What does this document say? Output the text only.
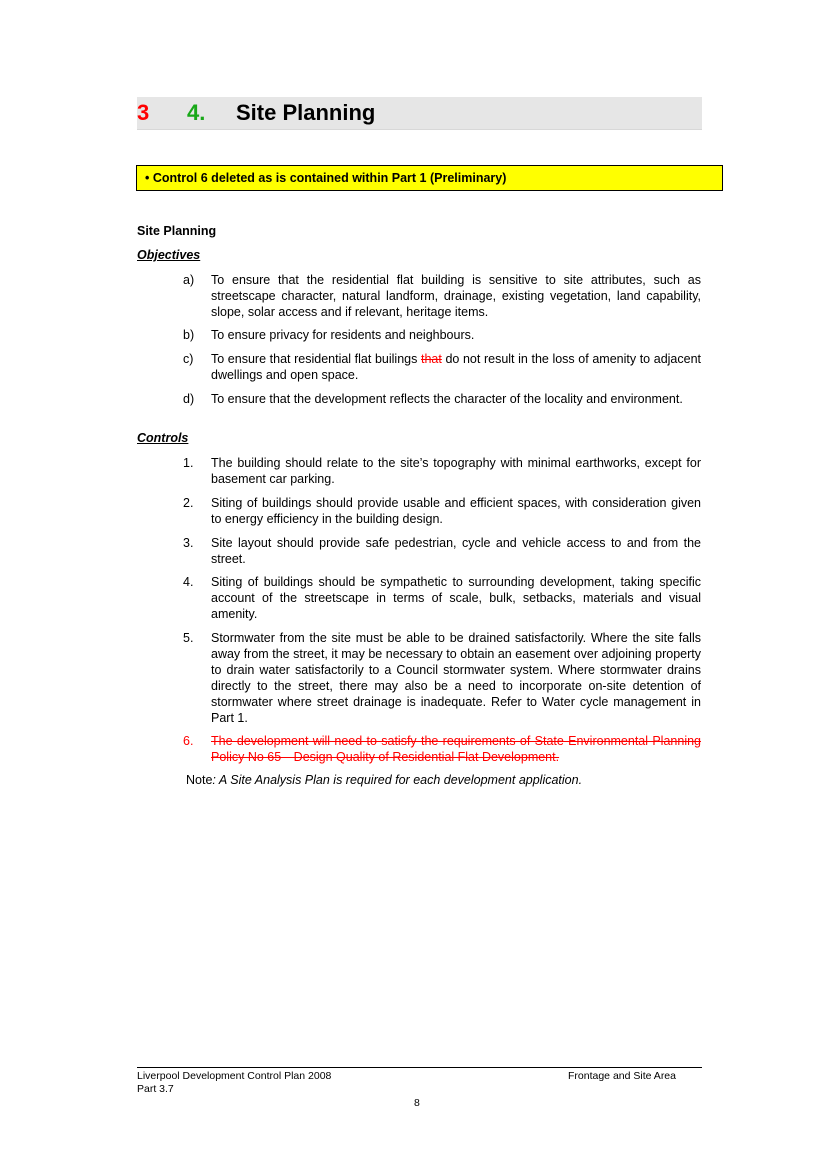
3 4. Site Planning
• Control 6 deleted as is contained within Part 1 (Preliminary)
Site Planning
Objectives
a)	To ensure that the residential flat building is sensitive to site attributes, such as streetscape character, natural landform, drainage, existing vegetation, land capability, slope, solar access and if relevant, heritage items.
b)	To ensure privacy for residents and neighbours.
c)	To ensure that residential flat builings that do not result in the loss of amenity to adjacent dwellings and open space.
d)	To ensure that the development reflects the character of the locality and environment.
Controls
1.	The building should relate to the site’s topography with minimal earthworks, except for basement car parking.
2.	Siting of buildings should provide usable and efficient spaces, with consideration given to energy efficiency in the building design.
3.	Site layout should provide safe pedestrian, cycle and vehicle access to and from the street.
4.	Siting of buildings should be sympathetic to surrounding development, taking specific account of the streetscape in terms of scale, bulk, setbacks, materials and visual amenity.
5.	Stormwater from the site must be able to be drained satisfactorily. Where the site falls away from the street, it may be necessary to obtain an easement over adjoining property to drain water satisfactorily to a Council stormwater system. Where stormwater drains directly to the street, there may also be a need to incorporate on-site detention of stormwater where street drainage is inadequate. Refer to Water cycle management in Part 1.
6.	The development will need to satisfy the requirements of State Environmental Planning Policy No 65—Design Quality of Residential Flat Development.
Note: A Site Analysis Plan is required for each development application.
Liverpool Development Control Plan 2008
Part 3.7
Frontage and Site Area
8
